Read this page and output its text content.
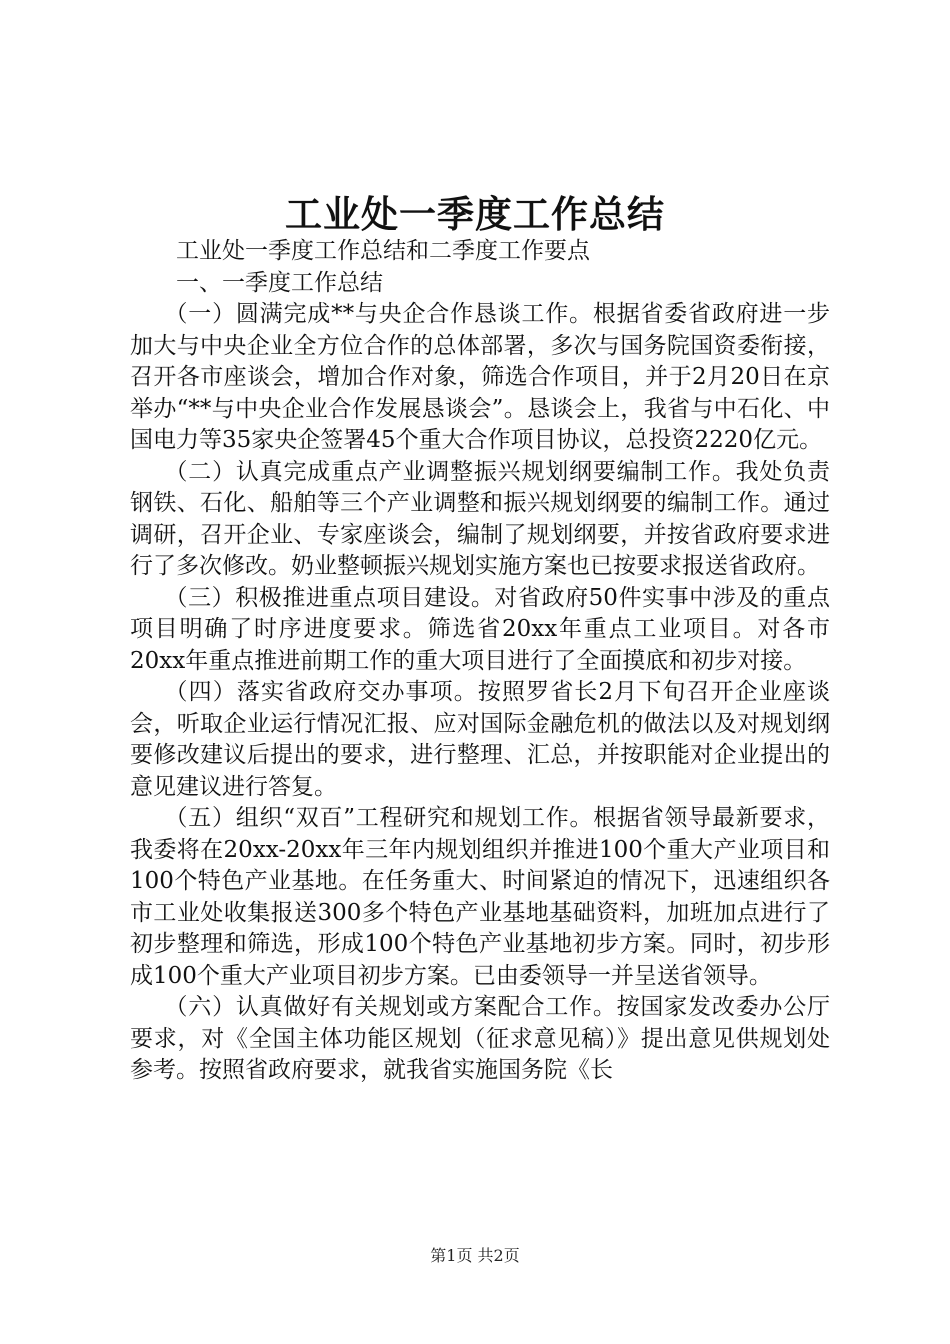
工业处一季度工作总结

工业处一季度工作总结和二季度工作要点

一、一季度工作总结

（一）圆满完成**与央企合作恳谈工作。根据省委省政府进一步加大与中央企业全方位合作的总体部署，多次与国务院国资委衔接，召开各市座谈会，增加合作对象，筛选合作项目，并于2月20日在京举办“**与中央企业合作发展恳谈会”。恳谈会上，我省与中石化、中国电力等35家央企签署45个重大合作项目协议，总投资2220亿元。

（二）认真完成重点产业调整振兴规划纲要编制工作。我处负责钢铁、石化、船舶等三个产业调整和振兴规划纲要的编制工作。通过调研，召开企业、专家座谈会，编制了规划纲要，并按省政府要求进行了多次修改。奶业整顿振兴规划实施方案也已按要求报送省政府。

（三）积极推进重点项目建设。对省政府50件实事中涉及的重点项目明确了时序进度要求。筛选省20xx年重点工业项目。对各市20xx年重点推进前期工作的重大项目进行了全面摸底和初步对接。

（四）落实省政府交办事项。按照罗省长2月下旬召开企业座谈会，听取企业运行情况汇报、应对国际金融危机的做法以及对规划纲要修改建议后提出的要求，进行整理、汇总，并按职能对企业提出的意见建议进行答复。

（五）组织“双百”工程研究和规划工作。根据省领导最新要求，我委将在20xx-20xx年三年内规划组织并推进100个重大产业项目和100个特色产业基地。在任务重大、时间紧迫的情况下，迅速组织各市工业处收集报送300多个特色产业基地基础资料，加班加点进行了初步整理和筛选，形成100个特色产业基地初步方案。同时，初步形成100个重大产业项目初步方案。已由委领导一并呈送省领导。

（六）认真做好有关规划或方案配合工作。按国家发改委办公厅要求，对《全国主体功能区规划（征求意见稿）》提出意见供规划处参考。按照省政府要求，就我省实施国务院《长

第1页 共2页
